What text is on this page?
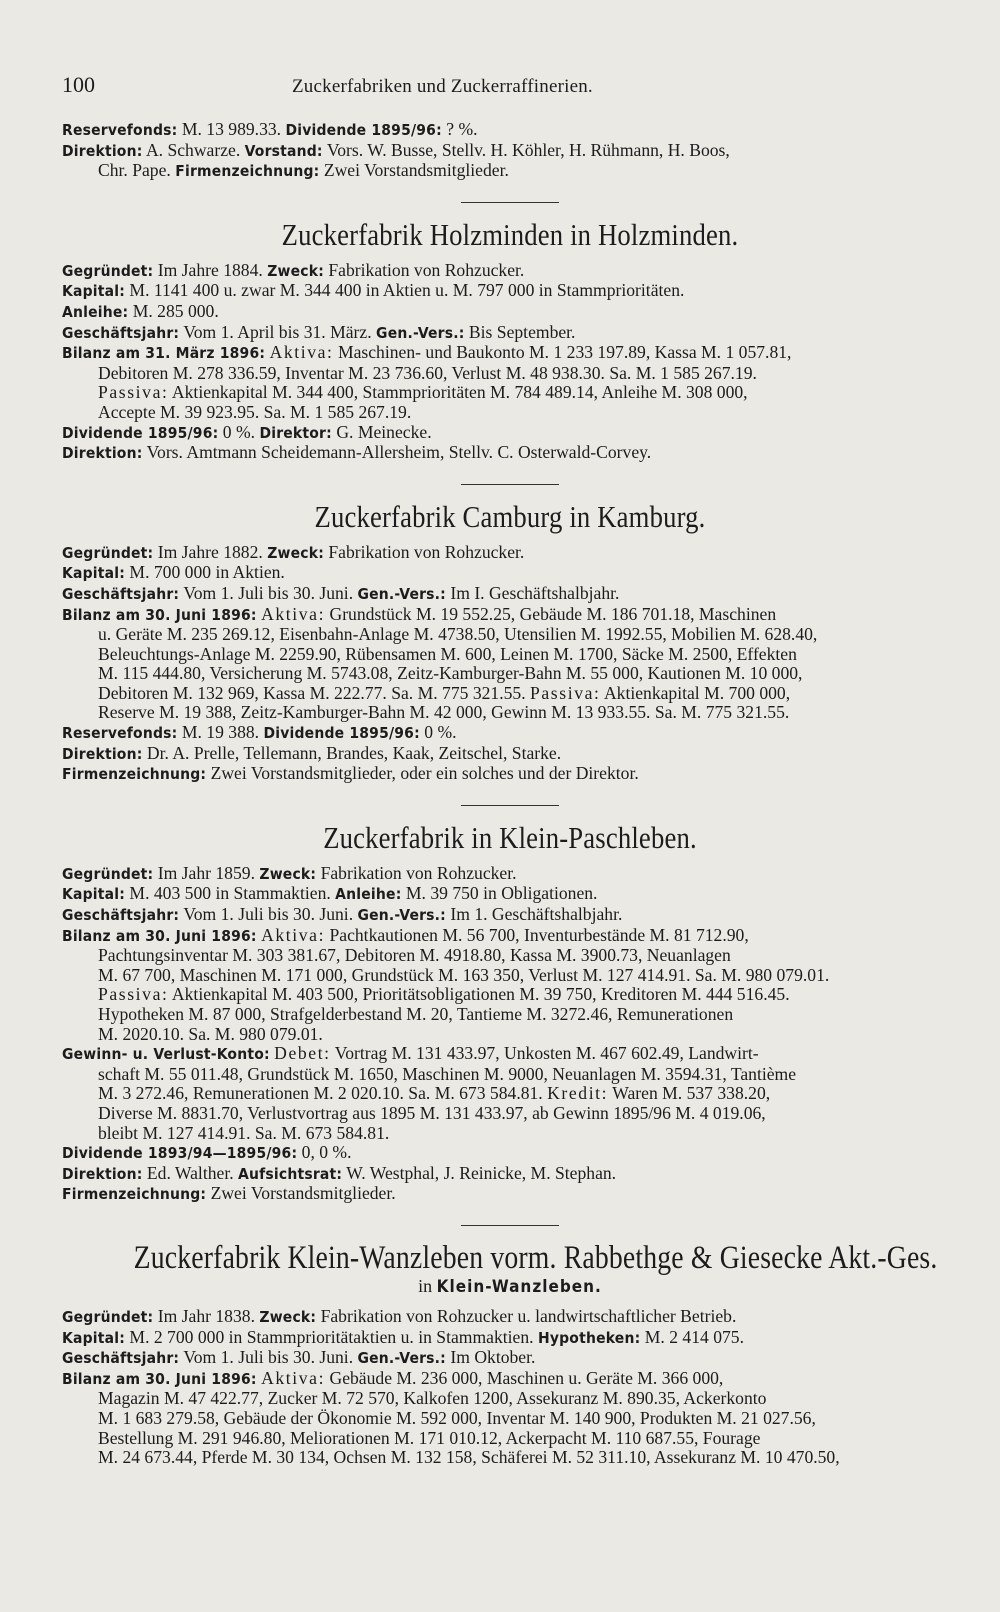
100	Zuckerfabriken und Zuckerraffinerien.

Reservefonds: M. 13 989.33. Dividende 1895/96: ? %.

Direktion: A. Schwarze. Vorstand: Vors. W. Busse, Stellv. H. Köhler, H. Rühmann, H. Boos,

Chr. Pape. Firmenzeichnung: Zwei Vorstandsmitglieder.

Zuckerfabrik Holzminden in Holzminden.

Gegründet: Im Jahre 1884. Zweck: Fabrikation von Rohzucker.

Kapital: M. 1141 400 u. zwar M. 344 400 in Aktien u. M. 797 000 in Stammprioritäten.

Anleihe: M. 285 000.

Geschäftsjahr: Vom 1. April bis 31. März. Gen.-Vers.: Bis September.

Bilanz am 31. März 1896: Aktiva: Maschinen- und Baukonto M. 1 233 197.89, Kassa M. 1 057.81,

Debitoren M. 278 336.59, Inventar M. 23 736.60, Verlust M. 48 938.30. Sa. M. 1 585 267.19.

Passiva: Aktienkapital M. 344 400, Stammprioritäten M. 784 489.14, Anleihe M. 308 000,

Accepte M. 39 923.95. Sa. M. 1 585 267.19.

Dividende 1895/96: 0 %. Direktor: G. Meinecke.

Direktion: Vors. Amtmann Scheidemann-Allersheim, Stellv. C. Osterwald-Corvey.

Zuckerfabrik Camburg in Kamburg.

Gegründet: Im Jahre 1882. Zweck: Fabrikation von Rohzucker.

Kapital: M. 700 000 in Aktien.

Geschäftsjahr: Vom 1. Juli bis 30. Juni. Gen.-Vers.: Im I. Geschäftshalbjahr.

Bilanz am 30. Juni 1896: Aktiva: Grundstück M. 19 552.25, Gebäude M. 186 701.18, Maschinen

u. Geräte M. 235 269.12, Eisenbahn-Anlage M. 4738.50, Utensilien M. 1992.55, Mobilien M. 628.40,

Beleuchtungs-Anlage M. 2259.90, Rübensamen M. 600, Leinen M. 1700, Säcke M. 2500, Effekten

M. 115 444.80, Versicherung M. 5743.08, Zeitz-Kamburger-Bahn M. 55 000, Kautionen M. 10 000,

Debitoren M. 132 969, Kassa M. 222.77. Sa. M. 775 321.55. Passiva: Aktienkapital M. 700 000,

Reserve M. 19 388, Zeitz-Kamburger-Bahn M. 42 000, Gewinn M. 13 933.55. Sa. M. 775 321.55.

Reservefonds: M. 19 388. Dividende 1895/96: 0 %.

Direktion: Dr. A. Prelle, Tellemann, Brandes, Kaak, Zeitschel, Starke.

Firmenzeichnung: Zwei Vorstandsmitglieder, oder ein solches und der Direktor.

Zuckerfabrik in Klein-Paschleben.

Gegründet: Im Jahr 1859. Zweck: Fabrikation von Rohzucker.

Kapital: M. 403 500 in Stammaktien. Anleihe: M. 39 750 in Obligationen.

Geschäftsjahr: Vom 1. Juli bis 30. Juni. Gen.-Vers.: Im 1. Geschäftshalbjahr.

Bilanz am 30. Juni 1896: Aktiva: Pachtkautionen M. 56 700, Inventurbestände M. 81 712.90,

Pachtungsinventar M. 303 381.67, Debitoren M. 4918.80, Kassa M. 3900.73, Neuanlagen

M. 67 700, Maschinen M. 171 000, Grundstück M. 163 350, Verlust M. 127 414.91. Sa. M. 980 079.01.

Passiva: Aktienkapital M. 403 500, Prioritätsobligationen M. 39 750, Kreditoren M. 444 516.45.

Hypotheken M. 87 000, Strafgelderbestand M. 20, Tantieme M. 3272.46, Remunerationen

M. 2020.10. Sa. M. 980 079.01.

Gewinn- u. Verlust-Konto: Debet: Vortrag M. 131 433.97, Unkosten M. 467 602.49, Landwirt-

schaft M. 55 011.48, Grundstück M. 1650, Maschinen M. 9000, Neuanlagen M. 3594.31, Tantième

M. 3 272.46, Remunerationen M. 2 020.10. Sa. M. 673 584.81. Kredit: Waren M. 537 338.20,

Diverse M. 8831.70, Verlustvortrag aus 1895 M. 131 433.97, ab Gewinn 1895/96 M. 4 019.06,

bleibt M. 127 414.91. Sa. M. 673 584.81.

Dividende 1893/94—1895/96: 0, 0 %.

Direktion: Ed. Walther. Aufsichtsrat: W. Westphal, J. Reinicke, M. Stephan.

Firmenzeichnung: Zwei Vorstandsmitglieder.

Zuckerfabrik Klein-Wanzleben vorm. Rabbethge & Giesecke Akt.-Ges.
in Klein-Wanzleben.

Gegründet: Im Jahr 1838. Zweck: Fabrikation von Rohzucker u. landwirtschaftlicher Betrieb.

Kapital: M. 2 700 000 in Stammprioritätaktien u. in Stammaktien. Hypotheken: M. 2 414 075.

Geschäftsjahr: Vom 1. Juli bis 30. Juni. Gen.-Vers.: Im Oktober.

Bilanz am 30. Juni 1896: Aktiva: Gebäude M. 236 000, Maschinen u. Geräte M. 366 000,

Magazin M. 47 422.77, Zucker M. 72 570, Kalkofen 1200, Assekuranz M. 890.35, Ackerkonto

M. 1 683 279.58, Gebäude der Ökonomie M. 592 000, Inventar M. 140 900, Produkten M. 21 027.56,

Bestellung M. 291 946.80, Meliorationen M. 171 010.12, Ackerpacht M. 110 687.55, Fourage

M. 24 673.44, Pferde M. 30 134, Ochsen M. 132 158, Schäferei M. 52 311.10, Assekuranz M. 10 470.50,
